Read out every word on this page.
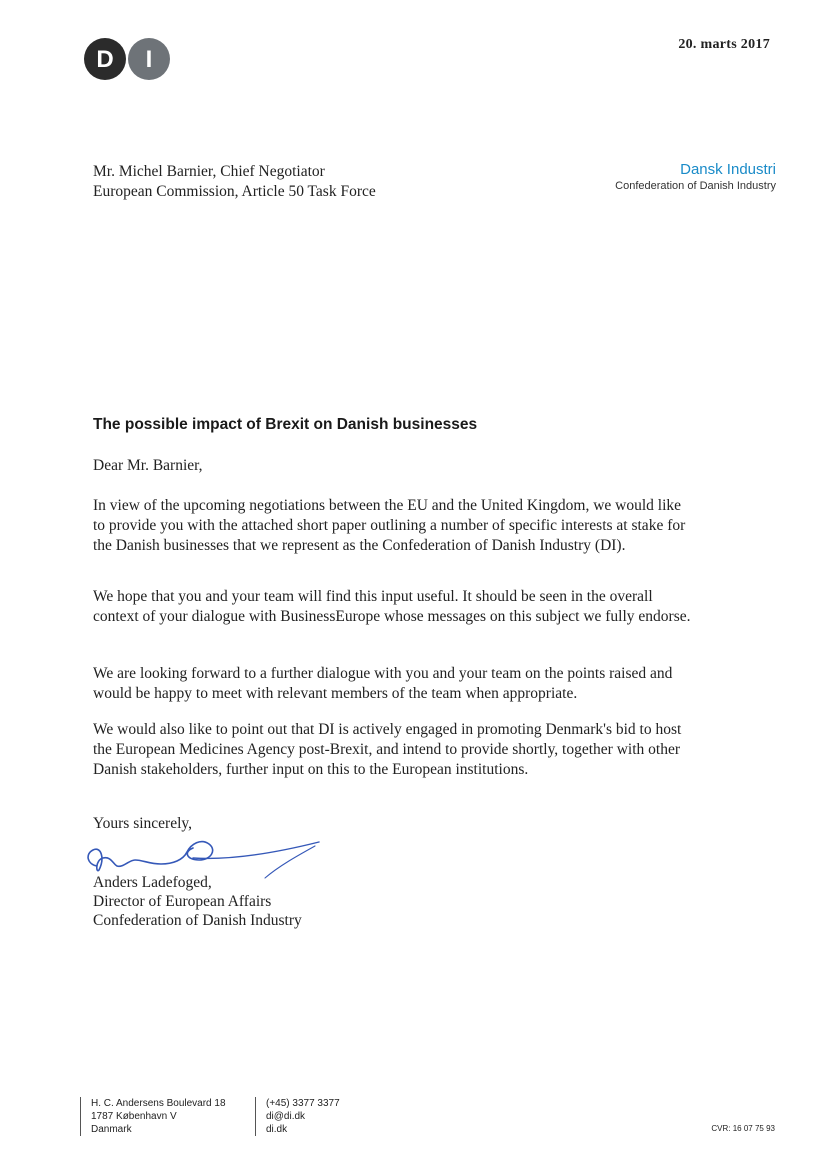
D I
20. marts 2017
Mr. Michel Barnier, Chief Negotiator
European Commission, Article 50 Task Force
Dansk Industri
Confederation of Danish Industry
The possible impact of Brexit on Danish businesses
Dear Mr. Barnier,

In view of the upcoming negotiations between the EU and the United Kingdom, we would like to provide you with the attached short paper outlining a number of specific interests at stake for the Danish businesses that we represent as the Confederation of Danish Industry (DI).

We hope that you and your team will find this input useful. It should be seen in the overall context of your dialogue with BusinessEurope whose messages on this subject we fully endorse.

We are looking forward to a further dialogue with you and your team on the points raised and would be happy to meet with relevant members of the team when appropriate.

We would also like to point out that DI is actively engaged in promoting Denmark's bid to host the European Medicines Agency post-Brexit, and intend to provide shortly, together with other Danish stakeholders, further input on this to the European institutions.

Yours sincerely,
Anders Ladefoged,
Director of European Affairs
Confederation of Danish Industry
H. C. Andersens Boulevard 18
1787 København V
Danmark
(+45) 3377 3377
di@di.dk
di.dk	CVR: 16 07 75 93
